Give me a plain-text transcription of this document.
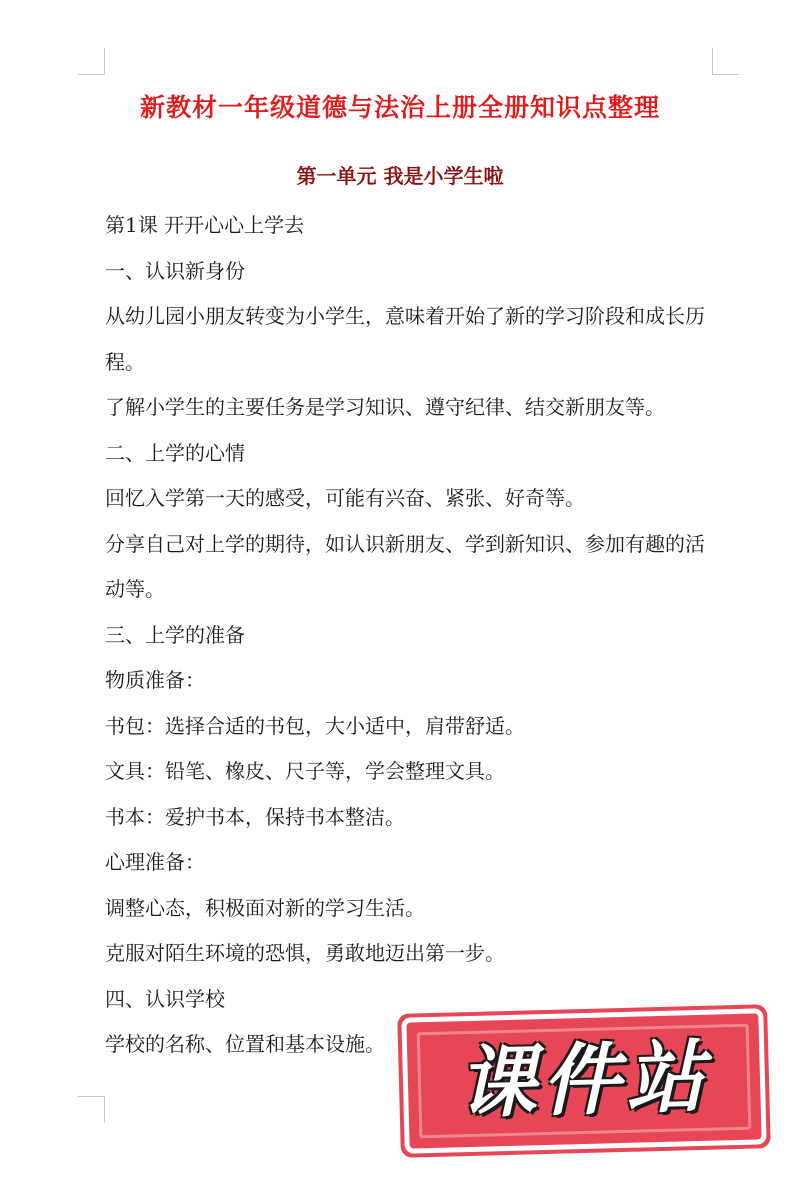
新教材一年级道德与法治上册全册知识点整理
第一单元 我是小学生啦

第1课 开开心心上学去

一、认识新身份

从幼儿园小朋友转变为小学生，意味着开始了新的学习阶段和成长历程。

了解小学生的主要任务是学习知识、遵守纪律、结交新朋友等。

二、上学的心情

回忆入学第一天的感受，可能有兴奋、紧张、好奇等。

分享自己对上学的期待，如认识新朋友、学到新知识、参加有趣的活动等。

三、上学的准备

物质准备：

书包：选择合适的书包，大小适中，肩带舒适。

文具：铅笔、橡皮、尺子等，学会整理文具。

书本：爱护书本，保持书本整洁。

心理准备：

调整心态，积极面对新的学习生活。

克服对陌生环境的恐惧，勇敢地迈出第一步。

四、认识学校

学校的名称、位置和基本设施。 课件站
